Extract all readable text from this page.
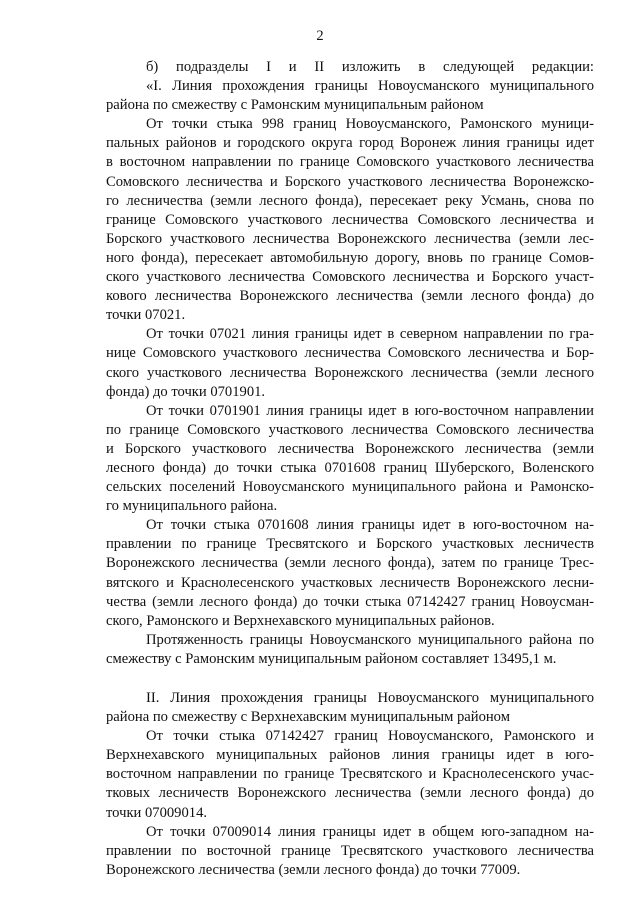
2
б) подразделы I и II изложить в следующей редакции:
«I. Линия прохождения границы Новоусманского муниципального
района по смежеству с Рамонским муниципальным районом
От точки стыка 998 границ Новоусманского, Рамонского муници-
пальных районов и городского округа город Воронеж линия границы идет
в восточном направлении по границе Сомовского участкового лесничества
Сомовского лесничества и Борского участкового лесничества Воронежско-
го лесничества (земли лесного фонда), пересекает реку Усмань, снова по
границе Сомовского участкового лесничества Сомовского лесничества и
Борского участкового лесничества Воронежского лесничества (земли лес-
ного фонда), пересекает автомобильную дорогу, вновь по границе Сомов-
ского участкового лесничества Сомовского лесничества и Борского участ-
кового лесничества Воронежского лесничества (земли лесного фонда) до
точки 07021.
От точки 07021 линия границы идет в северном направлении по гра-
нице Сомовского участкового лесничества Сомовского лесничества и Бор-
ского участкового лесничества Воронежского лесничества (земли лесного
фонда) до точки 0701901.
От точки 0701901 линия границы идет в юго-восточном направлении
по границе Сомовского участкового лесничества Сомовского лесничества
и Борского участкового лесничества Воронежского лесничества (земли
лесного фонда) до точки стыка 0701608 границ Шуберского, Воленского
сельских поселений Новоусманского муниципального района и Рамонско-
го муниципального района.
От точки стыка 0701608 линия границы идет в юго-восточном на-
правлении по границе Тресвятского и Борского участковых лесничеств
Воронежского лесничества (земли лесного фонда), затем по границе Трес-
вятского и Краснолесенского участковых лесничеств Воронежского лесни-
чества (земли лесного фонда) до точки стыка 07142427 границ Новоусман-
ского, Рамонского и Верхнехавского муниципальных районов.
Протяженность границы Новоусманского муниципального района по
смежеству с Рамонским муниципальным районом составляет 13495,1 м.
II. Линия прохождения границы Новоусманского муниципального
района по смежеству с Верхнехавским муниципальным районом
От точки стыка 07142427 границ Новоусманского, Рамонского и
Верхнехавского муниципальных районов линия границы идет в юго-
восточном направлении по границе Тресвятского и Краснолесенского учас-
тковых лесничеств Воронежского лесничества (земли лесного фонда) до
точки 07009014.
От точки 07009014 линия границы идет в общем юго-западном на-
правлении по восточной границе Тресвятского участкового лесничества
Воронежского лесничества (земли лесного фонда) до точки 77009.
